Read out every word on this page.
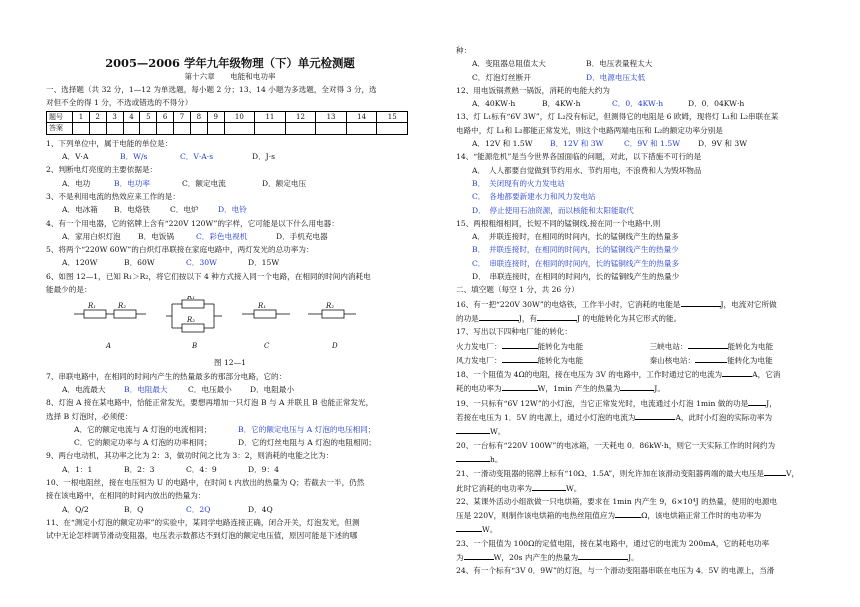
2005—2006 学年九年级物理（下）单元检测题
第十六章　　电能和电功率
一、选择题（共 32 分，1—12 为单选题，每小题 2 分；13、14 小题为多选题，全对得 3 分，选
对但不全的得 1 分，不选或错选的不得分）
题号	1	2	3	4	5	6	7	8	9	10	11	12	13	14	15
答案															
1、下列单位中，属于电能的单位是：
A．V·A	B．W/s	C．V·A·s	D．J·s
2、判断电灯亮度的主要依据是：
A．电功	B．电功率	C．额定电流	D．额定电压
3、不是利用电流的热效应来工作的是：
A．电冰箱 B．电烙铁	C．电炉	D．电铃
4、有一个用电器，它的铭牌上含有“220V 120W”的字样，它可能是以下什么用电器：
A．家用白炽灯泡 B．电饭锅	C．彩色电视机	D．手机充电器
5、将两个“220W 60W”的白炽灯串联接在家庭电路中，两灯发光的总功率为：
A．120W	B．60W	C．30W	D．15W
6、如图 12—1，已知 R₁＞R₂，将它们按以下 4 种方式接入同一个电路，在相同的时间内消耗电
能最少的是：
R₁	R₂
R₁
R₂
R₁	R₂
A	B	C	D
图 12—1
7、串联电路中，在相同的时间内产生的热量最多的那部分电路，它的：
A．电流最大 B．电阻最大	C．电压最小 D．电阻最小
8、灯泡 A 接在某电路中，恰能正常发光，要想再增加一只灯泡 B 与 A 并联且 B 也能正常发光，
选择 B 灯泡时，必须使：
A．它的额定电流与 A 灯泡的电流相同；	B．它的额定电压与 A 灯泡的电压相同；
C．它的额定功率与 A 灯泡的功率相同；	D．它的灯丝电阻与 A 灯泡的电阻相同；
9、两台电动机，其功率之比为 2：3，做功时间之比为 3：2，则消耗的电能之比为：
A．1：1	B．2：3	C．4：9	D．9：4
10、一根电阻丝，接在电压恒为 U 的电路中，在时间 t 内放出的热量为 Q；若截去一半，仍然
接在该电路中，在相同的时间内放出的热量为：
A．Q/2	B．Q	C．2Q	D．4Q
11、在“测定小灯泡的额定功率”的实验中，某同学电路连接正确，闭合开关，灯泡发光，但测
试中无论怎样调节滑动变阻器，电压表示数都达不到灯泡的额定电压值，原因可能是下述的哪
种：
A．变阻器总阻值太大	B．电压表量程太大
C．灯泡灯丝断开	D．电源电压太低
12、用电饭锅煮熟一锅饭，消耗的电能大约为
A．40KW·h	B．4KW·h	C．0．4KW·h	D．0．04KW·h
13、灯 L₁标有“6V 3W”，灯 L₂没有标记，但测得它的电阻是 6 欧姆，现将灯 L₁和 L₂串联在某
电路中，灯 L₁和 L₂都能正常发光，则这个电路两端电压和 L₂的额定功率分别是
A．12V 和 1.5W B．12V 和 3W	C．9V 和 1.5W D．9V 和 3W
14、“能源危机”是当今世界各国面临的问题，对此，以下措施不可行的是
A．　人人都要自觉做到节约用水、节约用电，不浪费和人为毁坏物品
B．　关闭现有的火力发电站
C．　各地都要新建水力和风力发电站
D．　停止使用石油资源，而以核能和太阳能取代
15、两根粗细相同，长短不同的锰铜线,接在同一个电路中,则
A．　并联连接时，在相同的时间内，长的锰铜线产生的热量多
B．　并联连接时，在相同的时间内，长的锰铜线产生的热量少
C．　串联连接时，在相同的时间内，长的锰铜线产生的热量多
D．　串联连接时，在相同的时间内，长的锰铜线产生的热量少
二、填空题（每空 1 分，共 26 分）
16、有一把“220V 30W”的电烙铁，工作半小时，它消耗的电能是	J，电流对它所做
的功是	J，有	J 的电能转化为其它形式的能。
17、写出以下四种电厂能的转化：
火力发电厂：	能转化为电能	三峡电站：	能转化为电能
风力发电厂：	能转化为电能	秦山核电站：	能转化为电能
18、一个阻值为 4Ω的电阻，接在电压为 3V 的电路中，工作时通过它的电流为	A，它消
耗的电功率为	W，1min 产生的热量为	J。
19、一只标有“6V 12W”的小灯泡，当它正常发光时，电流通过小灯泡 1min 做的功是 J，
若接在电压为 1．5V 的电源上，通过小灯泡的电流为	A，此时小灯泡的实际功率为
W。
20、一台标有“220V 100W”的电冰箱，一天耗电 0．86kW·h，则它一天实际工作的时间约为
h。
21、一滑动变阻器的铭牌上标有“10Ω、1.5A”，则允许加在该滑动变阻器两端的最大电压是	V，
此时它消耗的电功率为	W。
22、某课外活动小组欲做一只电烘箱，要求在 1min 内产生 9，6×10⁴J 的热量，使用的电源电
压是 220V，则制作该电烘箱的电热丝阻值应为	Ω，该电烘箱正常工作时的电功率为
W。
23、一个阻值为 100Ω的定值电阻，接在某电路中，通过它的电流为 200mA，它的耗电功率
为	W，20s 内产生的热量为	J。
24、有一个标有“3V 0．9W”的灯泡，与一个滑动变阻器串联在电压为 4．5V 的电源上，当滑
